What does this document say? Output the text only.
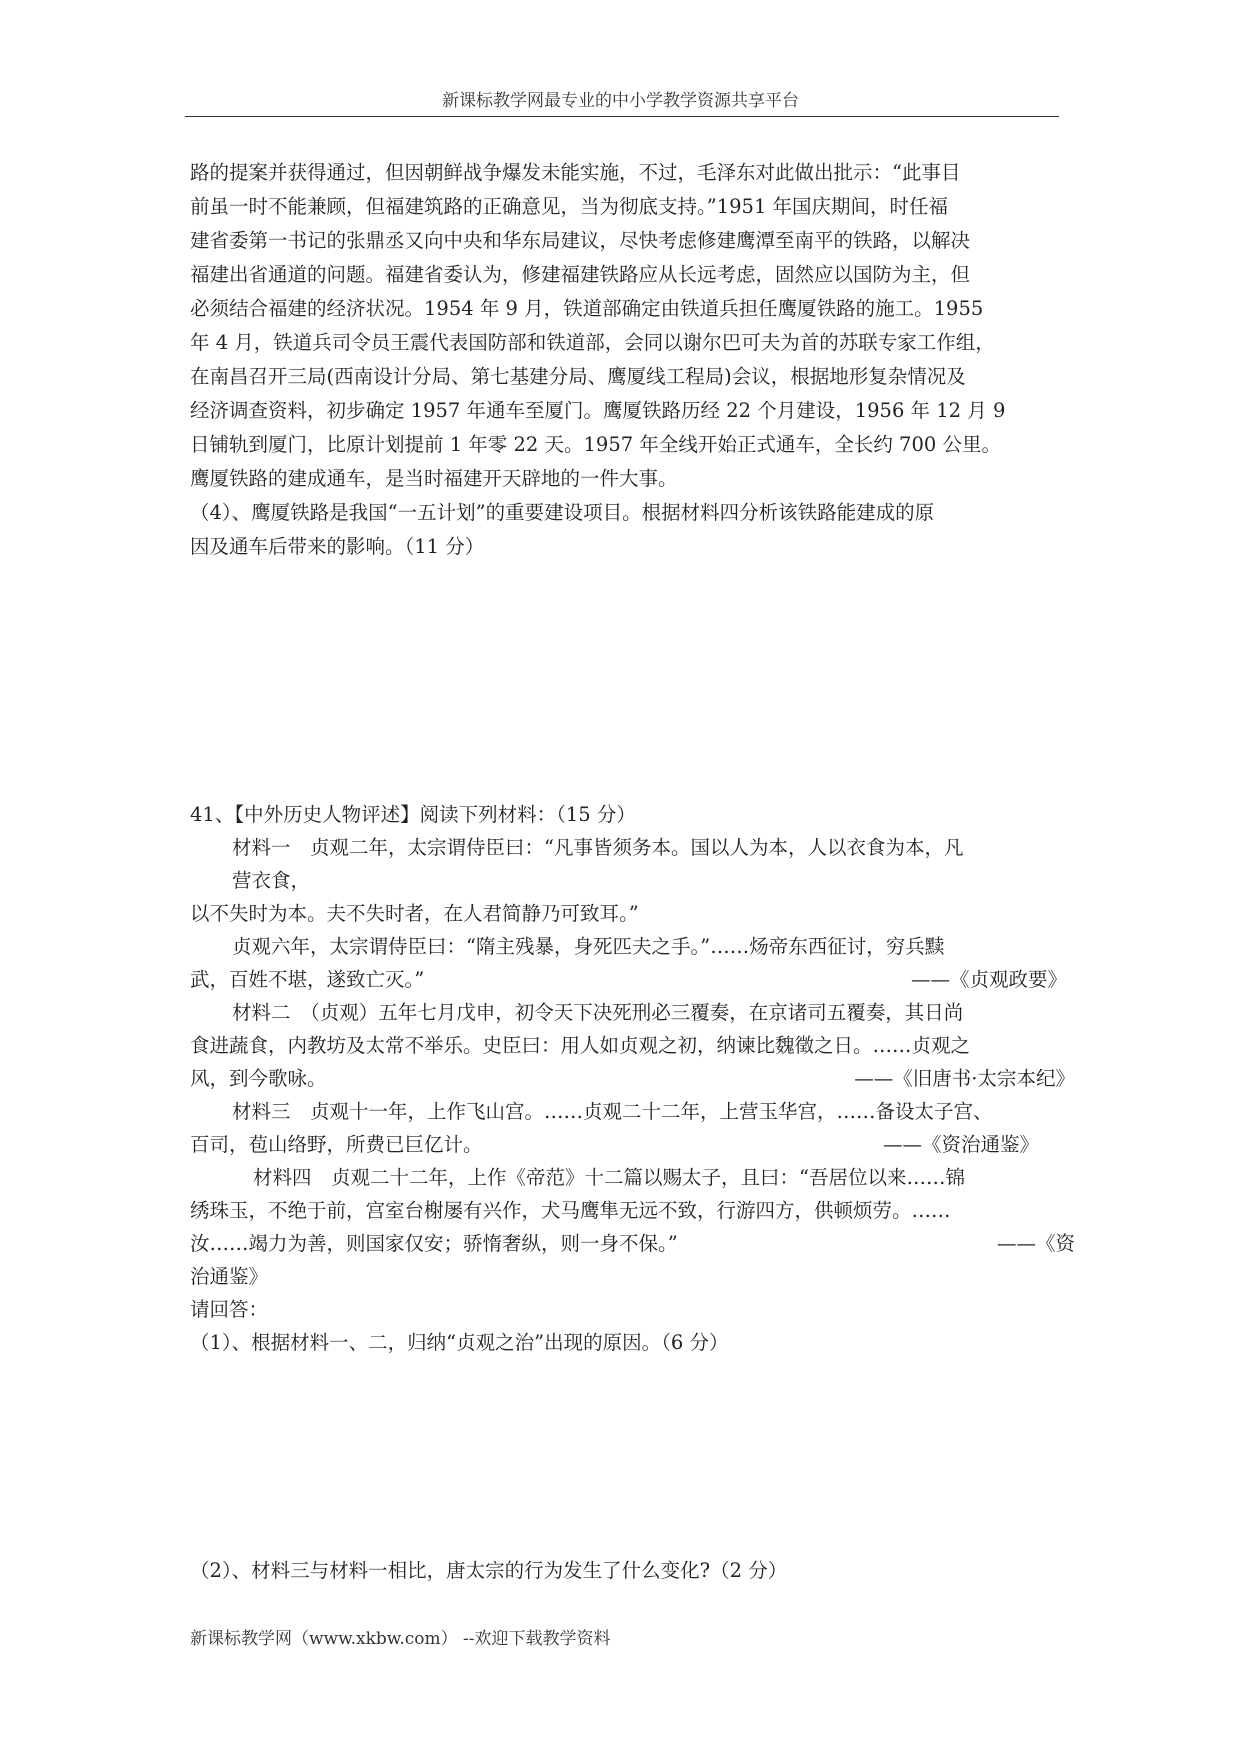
新课标教学网最专业的中小学教学资源共享平台
路的提案并获得通过，但因朝鲜战争爆发未能实施，不过，毛泽东对此做出批示：“此事目
前虽一时不能兼顾，但福建筑路的正确意见，当为彻底支持。”1951 年国庆期间，时任福
建省委第一书记的张鼎丞又向中央和华东局建议，尽快考虑修建鹰潭至南平的铁路，以解决
福建出省通道的问题。福建省委认为，修建福建铁路应从长远考虑，固然应以国防为主，但
必须结合福建的经济状况。1954 年 9 月，铁道部确定由铁道兵担任鹰厦铁路的施工。1955
年 4 月，铁道兵司令员王震代表国防部和铁道部，会同以谢尔巴可夫为首的苏联专家工作组，
在南昌召开三局(西南设计分局、第七基建分局、鹰厦线工程局)会议，根据地形复杂情况及
经济调查资料，初步确定 1957 年通车至厦门。鹰厦铁路历经 22 个月建设，1956 年 12 月 9
日铺轨到厦门，比原计划提前 1 年零 22 天。1957 年全线开始正式通车，全长约 700 公里。
鹰厦铁路的建成通车，是当时福建开天辟地的一件大事。
（4）、鹰厦铁路是我国“一五计划”的重要建设项目。根据材料四分析该铁路能建成的原
因及通车后带来的影响。（11 分）
41、【中外历史人物评述】阅读下列材料：（15 分）
材料一　贞观二年，太宗谓侍臣曰：“凡事皆须务本。国以人为本，人以衣食为本，凡
营衣食，
以不失时为本。夫不失时者，在人君简静乃可致耳。”
贞观六年，太宗谓侍臣曰：“隋主残暴，身死匹夫之手。”……炀帝东西征讨，穷兵黩
武，百姓不堪，遂致亡灭。”	——《贞观政要》
材料二　（贞观）五年七月戊申，初令天下决死刑必三覆奏，在京诸司五覆奏，其日尚
食进蔬食，内教坊及太常不举乐。史臣曰：用人如贞观之初，纳谏比魏徵之日。……贞观之
风，到今歌咏。	——《旧唐书·太宗本纪》
材料三　贞观十一年，上作飞山宫。……贞观二十二年，上营玉华宫，……备设太子宫、
百司，苞山络野，所费已巨亿计。	——《资治通鉴》
材料四　贞观二十二年，上作《帝范》十二篇以赐太子，且曰：“吾居位以来……锦
绣珠玉，不绝于前，宫室台榭屡有兴作，犬马鹰隼无远不致，行游四方，供顿烦劳。……
汝……竭力为善，则国家仅安；骄惰奢纵，则一身不保。”	——《资
治通鉴》
请回答：
（1）、根据材料一、二，归纳“贞观之治”出现的原因。（6 分）
（2）、材料三与材料一相比，唐太宗的行为发生了什么变化?（2 分）
新课标教学网（www.xkbw.com） --欢迎下载教学资料
